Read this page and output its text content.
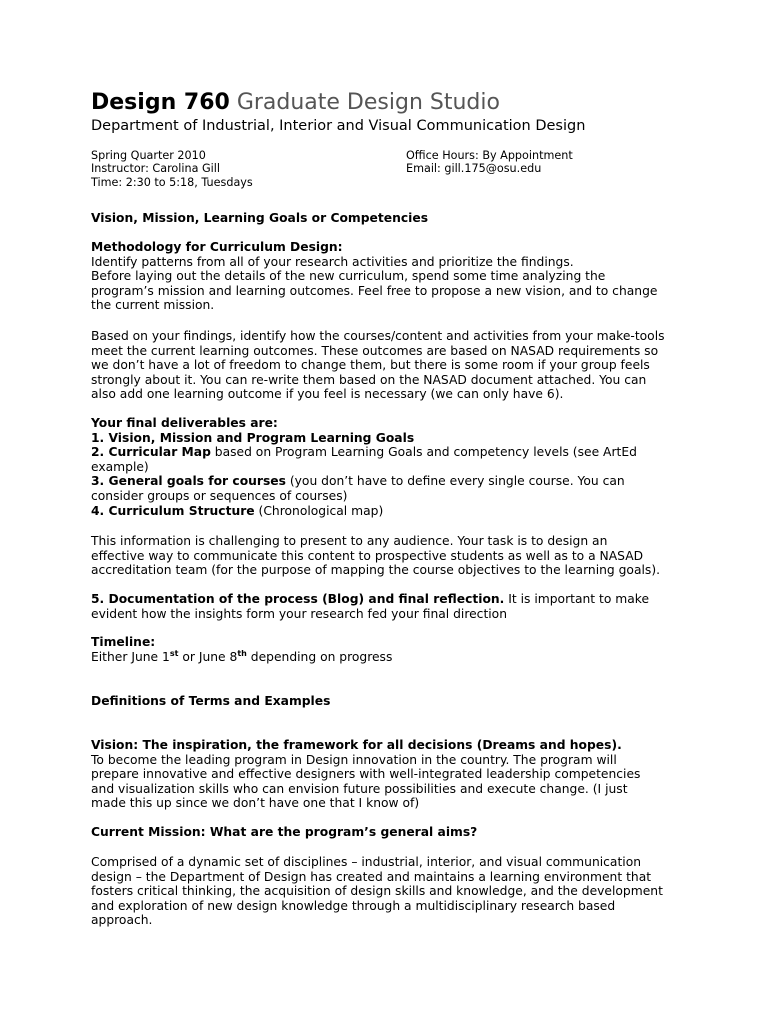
Design 760 Graduate Design Studio
Department of Industrial, Interior and Visual Communication Design
Spring Quarter 2010
Instructor: Carolina Gill
Time: 2:30 to 5:18, Tuesdays
Office Hours: By Appointment
Email: gill.175@osu.edu

Vision, Mission, Learning Goals or Competencies

Methodology for Curriculum Design:

Identify patterns from all of your research activities and prioritize the findings.

Before laying out the details of the new curriculum, spend some time analyzing the

program’s mission and learning outcomes. Feel free to propose a new vision, and to change

the current mission.

Based on your findings, identify how the courses/content and activities from your make-tools

meet the current learning outcomes. These outcomes are based on NASAD requirements so

we don’t have a lot of freedom to change them, but there is some room if your group feels

strongly about it. You can re-write them based on the NASAD document attached. You can

also add one learning outcome if you feel is necessary (we can only have 6).

Your final deliverables are:

1. Vision, Mission and Program Learning Goals

2. Curricular Map based on Program Learning Goals and competency levels (see ArtEd

example)

3. General goals for courses (you don’t have to define every single course. You can

consider groups or sequences of courses)

4. Curriculum Structure (Chronological map)

This information is challenging to present to any audience. Your task is to design an

effective way to communicate this content to prospective students as well as to a NASAD

accreditation team (for the purpose of mapping the course objectives to the learning goals).

5. Documentation of the process (Blog) and final reflection. It is important to make

evident how the insights form your research fed your final direction

Timeline:

Either June 1st or June 8th depending on progress

Definitions of Terms and Examples

Vision: The inspiration, the framework for all decisions (Dreams and hopes).

To become the leading program in Design innovation in the country. The program will

prepare innovative and effective designers with well-integrated leadership competencies

and visualization skills who can envision future possibilities and execute change. (I just

made this up since we don’t have one that I know of)

Current Mission: What are the program’s general aims?

Comprised of a dynamic set of disciplines – industrial, interior, and visual communication

design – the Department of Design has created and maintains a learning environment that

fosters critical thinking, the acquisition of design skills and knowledge, and the development

and exploration of new design knowledge through a multidisciplinary research based

approach.
